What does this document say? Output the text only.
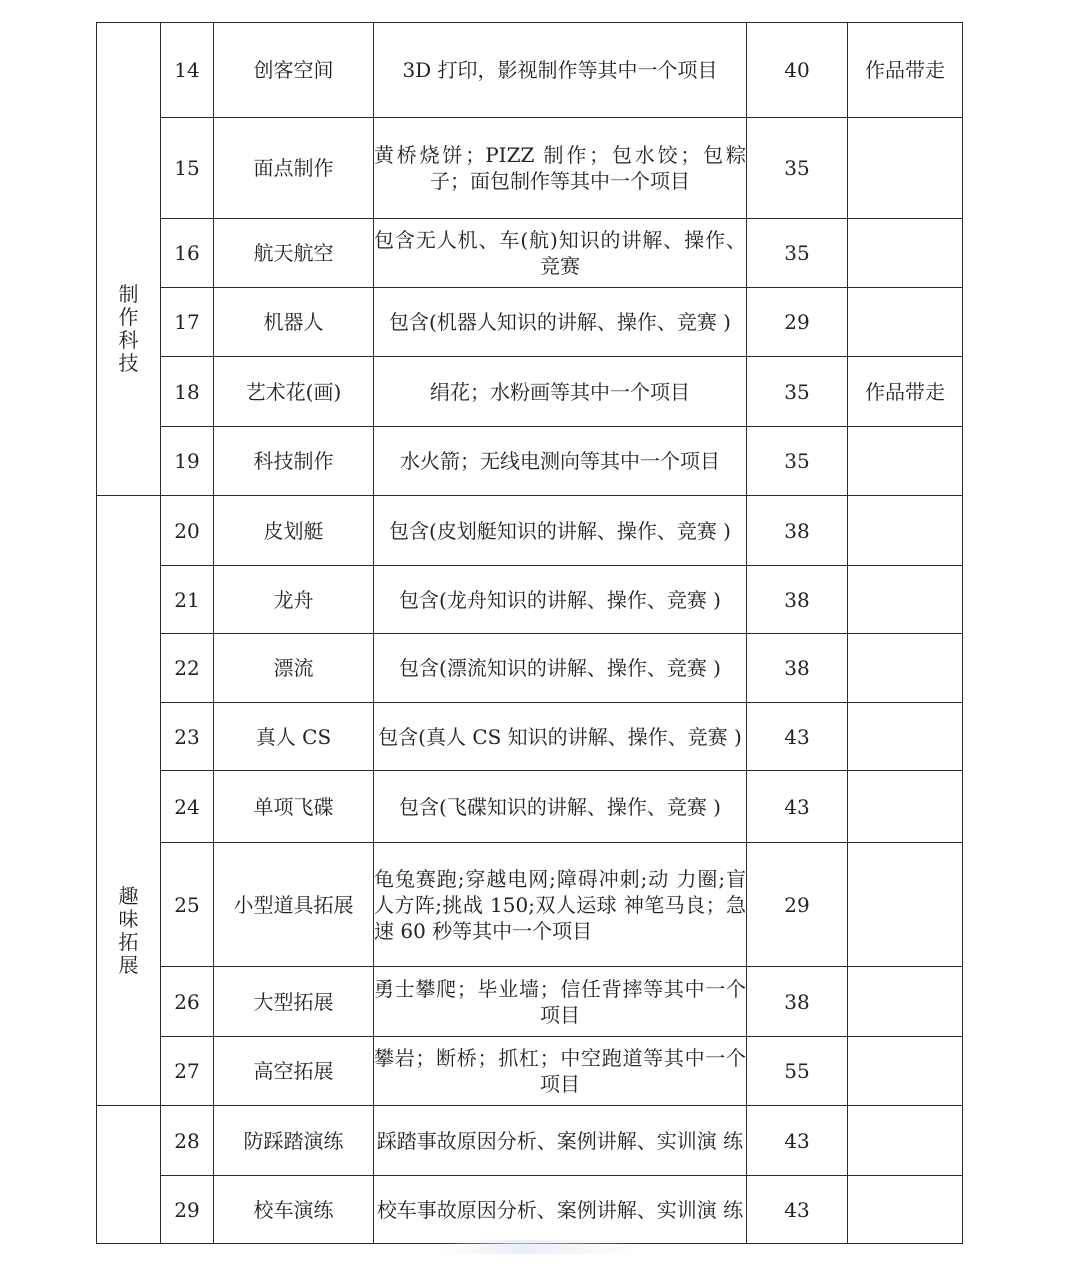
制作科技	14	创客空间	3D 打印，影视制作等其中一个项目	40	作品带走
	15	面点制作	黄桥烧饼；PIZZ 制作；包水饺；包粽子；面包制作等其中一个项目	35	
	16	航天航空	包含无人机、车(航)知识的讲解、操作、竞赛	35	
	17	机器人	包含(机器人知识的讲解、操作、竞赛 )	29	
	18	艺术花(画)	绢花；水粉画等其中一个项目	35	作品带走
	19	科技制作	水火箭；无线电测向等其中一个项目	35	

趣味拓展	20	皮划艇	包含(皮划艇知识的讲解、操作、竞赛 )	38	
	21	龙舟	包含(龙舟知识的讲解、操作、竞赛 )	38	
	22	漂流	包含(漂流知识的讲解、操作、竞赛 )	38	
	23	真人 CS	包含(真人 CS 知识的讲解、操作、竞赛 )	43	
	24	单项飞碟	包含(飞碟知识的讲解、操作、竞赛 )	43	
	25	小型道具拓展	龟兔赛跑;穿越电网;障碍冲刺;动 力圈;盲人方阵;挑战 150;双人运球 神笔马良；急速 60 秒等其中一个项目	29	
	26	大型拓展	勇士攀爬；毕业墙；信任背摔等其中一个项目	38	
	27	高空拓展	攀岩；断桥；抓杠；中空跑道等其中一个项目	55	

	28	防踩踏演练	踩踏事故原因分析、案例讲解、实训演 练	43	
	29	校车演练	校车事故原因分析、案例讲解、实训演 练	43	
